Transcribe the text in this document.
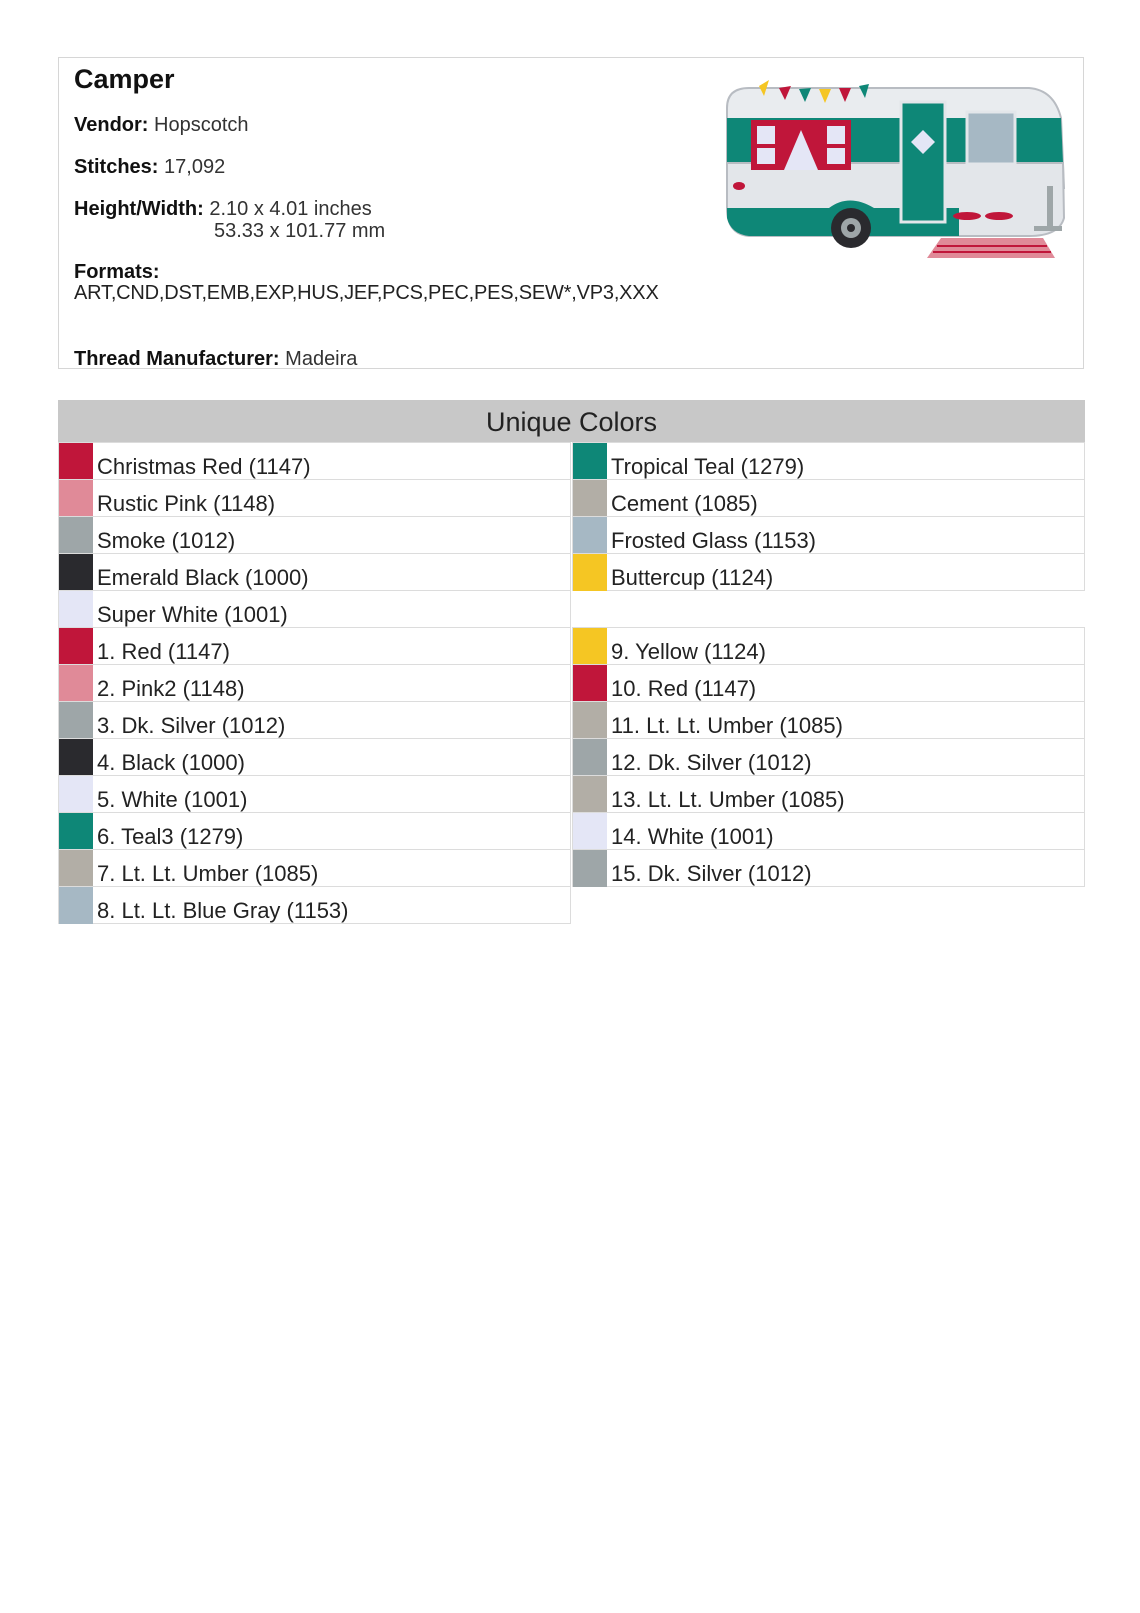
Camper
Vendor: Hopscotch
Stitches: 17,092
Height/Width: 2.10 x 4.01 inches
53.33 x 101.77 mm
Formats:
ART,CND,DST,EMB,EXP,HUS,JEF,PCS,PEC,PES,SEW*,VP3,XXX
Thread Manufacturer: Madeira
Unique Colors
Christmas Red (1147)
Rustic Pink (1148)
Smoke (1012)
Emerald Black (1000)
Super White (1001)
1. Red (1147)
2. Pink2 (1148)
3. Dk. Silver (1012)
4. Black (1000)
5. White (1001)
6. Teal3 (1279)
7. Lt. Lt. Umber (1085)
8. Lt. Lt. Blue Gray (1153)
Tropical Teal (1279)
Cement (1085)
Frosted Glass (1153)
Buttercup (1124)
9. Yellow (1124)
10. Red (1147)
11. Lt. Lt. Umber (1085)
12. Dk. Silver (1012)
13. Lt. Lt. Umber (1085)
14. White (1001)
15. Dk. Silver (1012)
